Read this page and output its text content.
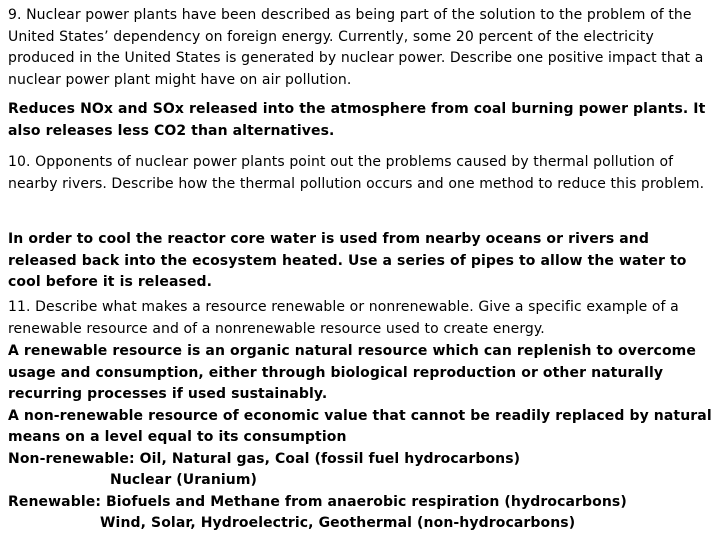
9. Nuclear power plants have been described as being part of the solution to the problem of the United States’ dependency on foreign energy. Currently, some 20 percent of the electricity produced in the United States is generated by nuclear power. Describe one positive impact that a nuclear power plant might have on air pollution.

Reduces NOx and SOx released into the atmosphere from coal burning power plants. It also releases less CO2 than alternatives.

10. Opponents of nuclear power plants point out the problems caused by thermal pollution of nearby rivers. Describe how the thermal pollution occurs and one method to reduce this problem.

In order to cool the reactor core water is used from nearby oceans or rivers and released back into the ecosystem heated. Use a series of pipes to allow the water to cool before it is released.

11. Describe what makes a resource renewable or nonrenewable. Give a specific example of a renewable resource and of a nonrenewable resource used to create energy.

A renewable resource is an organic natural resource which can replenish to overcome usage and consumption, either through biological reproduction or other naturally recurring processes if used sustainably.

A non-renewable resource of economic value that cannot be readily replaced by natural means on a level equal to its consumption

Non-renewable: Oil, Natural gas, Coal (fossil fuel hydrocarbons)
Nuclear (Uranium)

Renewable: Biofuels and Methane from anaerobic respiration (hydrocarbons)
Wind, Solar, Hydroelectric, Geothermal (non-hydrocarbons)
